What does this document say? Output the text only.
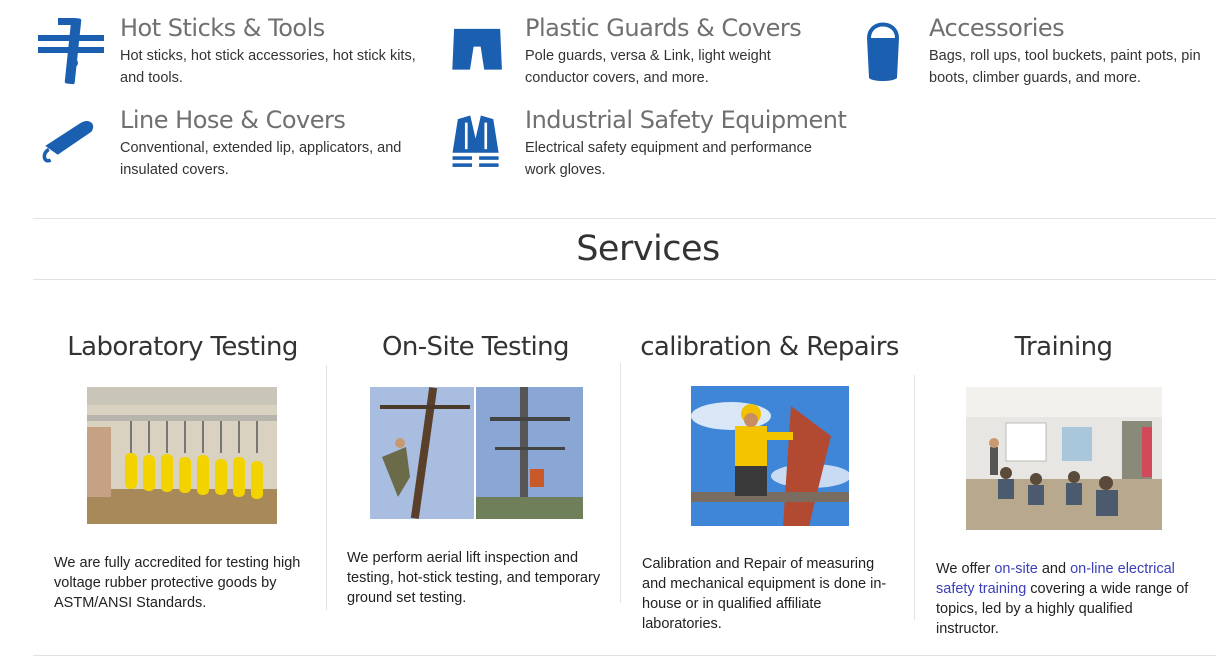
Hot Sticks & Tools
Hot sticks, hot stick accessories, hot stick kits, and tools.
Plastic Guards & Covers
Pole guards, versa & Link, light weight conductor covers, and more.
Accessories
Bags, roll ups, tool buckets, paint pots, pin boots, climber guards, and more.
Line Hose & Covers
Conventional, extended lip, applicators, and insulated covers.
Industrial Safety Equipment
Electrical safety equipment and performance work gloves.
Services
Laboratory Testing
We are fully accredited for testing high voltage rubber protective goods by ASTM/ANSI Standards.
On-Site Testing
We perform aerial lift inspection and testing, hot-stick testing, and temporary ground set testing.
calibration & Repairs
Calibration and Repair of measuring and mechanical equipment is done in-house or in qualified affiliate laboratories.
Training
We offer on-site and on-line electrical safety training covering a wide range of topics, led by a highly qualified instructor.
